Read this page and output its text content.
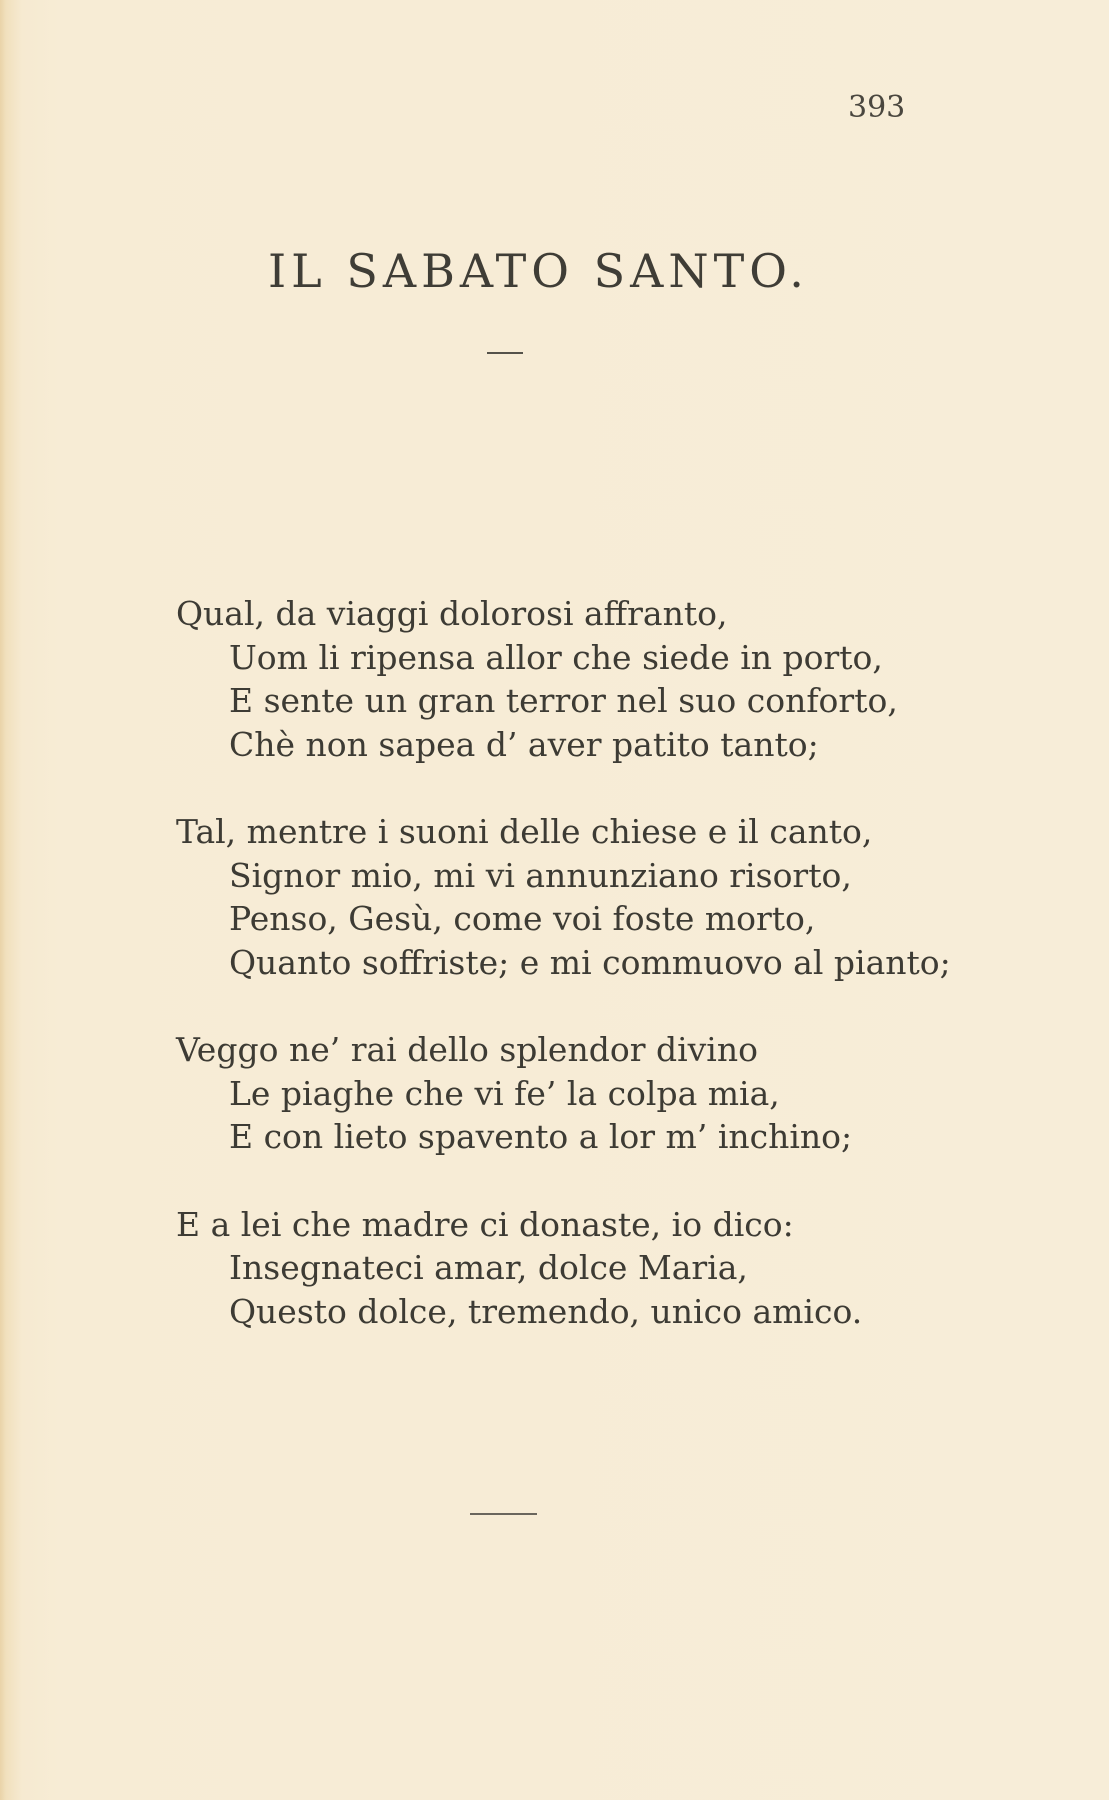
393
IL SABATO SANTO.
Qual, da viaggi dolorosi affranto,
Uom li ripensa allor che siede in porto,
E sente un gran terror nel suo conforto,
Chè non sapea d’ aver patito tanto;
Tal, mentre i suoni delle chiese e il canto,
Signor mio, mi vi annunziano risorto,
Penso, Gesù, come voi foste morto,
Quanto soffriste; e mi commuovo al pianto;
Veggo ne’ rai dello splendor divino
Le piaghe che vi fe’ la colpa mia,
E con lieto spavento a lor m’ inchino;
E a lei che madre ci donaste, io dico:
Insegnateci amar, dolce Maria,
Questo dolce, tremendo, unico amico.
